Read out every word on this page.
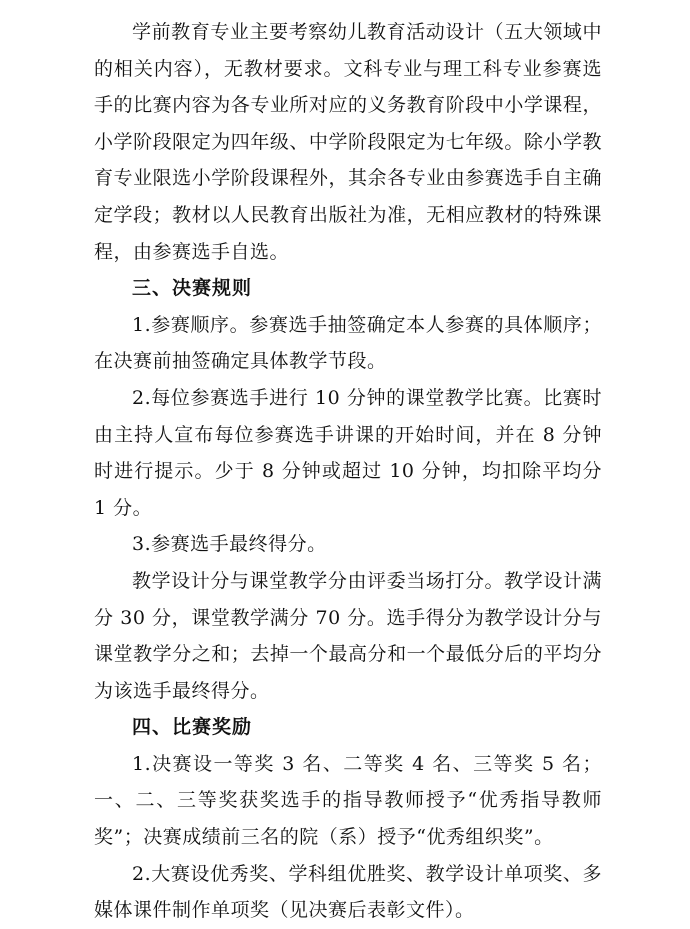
学前教育专业主要考察幼儿教育活动设计（五大领域中的相关内容），无教材要求。文科专业与理工科专业参赛选手的比赛内容为各专业所对应的义务教育阶段中小学课程，小学阶段限定为四年级、中学阶段限定为七年级。除小学教育专业限选小学阶段课程外，其余各专业由参赛选手自主确定学段；教材以人民教育出版社为准，无相应教材的特殊课程，由参赛选手自选。

三、决赛规则

1.参赛顺序。参赛选手抽签确定本人参赛的具体顺序；在决赛前抽签确定具体教学节段。

2.每位参赛选手进行 10 分钟的课堂教学比赛。比赛时由主持人宣布每位参赛选手讲课的开始时间，并在 8 分钟时进行提示。少于 8 分钟或超过 10 分钟，均扣除平均分 1 分。

3.参赛选手最终得分。

教学设计分与课堂教学分由评委当场打分。教学设计满分 30 分，课堂教学满分 70 分。选手得分为教学设计分与课堂教学分之和；去掉一个最高分和一个最低分后的平均分为该选手最终得分。

四、比赛奖励

1.决赛设一等奖 3 名、二等奖 4 名、三等奖 5 名；一、二、三等奖获奖选手的指导教师授予“优秀指导教师奖”；决赛成绩前三名的院（系）授予“优秀组织奖”。

2.大赛设优秀奖、学科组优胜奖、教学设计单项奖、多媒体课件制作单项奖（见决赛后表彰文件）。
